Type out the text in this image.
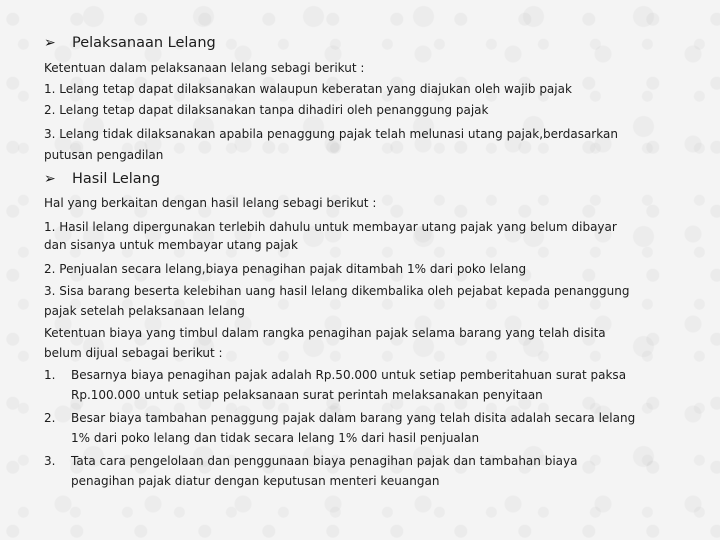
➢	Pelaksanaan Lelang
Ketentuan dalam pelaksanaan lelang sebagi berikut :
1. Lelang tetap dapat dilaksanakan walaupun keberatan yang diajukan oleh wajib pajak
2. Lelang tetap dapat dilaksanakan tanpa dihadiri oleh penanggung pajak
3. Lelang tidak dilaksanakan apabila penaggung pajak telah melunasi utang pajak,berdasarkan
putusan pengadilan
➢	Hasil Lelang
Hal yang berkaitan dengan hasil lelang sebagi berikut :
1. Hasil lelang dipergunakan terlebih dahulu untuk membayar utang pajak yang belum dibayar
dan sisanya untuk membayar utang pajak
2. Penjualan secara lelang,biaya penagihan pajak ditambah 1% dari poko lelang
3. Sisa barang beserta kelebihan uang hasil lelang dikembalika oleh pejabat kepada penanggung
pajak setelah pelaksanaan lelang
Ketentuan biaya yang timbul dalam rangka penagihan pajak selama barang yang telah disita
belum dijual sebagai berikut :
1. Besarnya biaya penagihan pajak adalah Rp.50.000 untuk setiap pemberitahuan surat paksa
Rp.100.000 untuk setiap pelaksanaan surat perintah melaksanakan penyitaan
2. Besar biaya tambahan penaggung pajak dalam barang yang telah disita adalah secara lelang
1% dari poko lelang dan tidak secara lelang 1% dari hasil penjualan
3. Tata cara pengelolaan dan penggunaan biaya penagihan pajak dan tambahan biaya
penagihan pajak diatur dengan keputusan menteri keuangan
